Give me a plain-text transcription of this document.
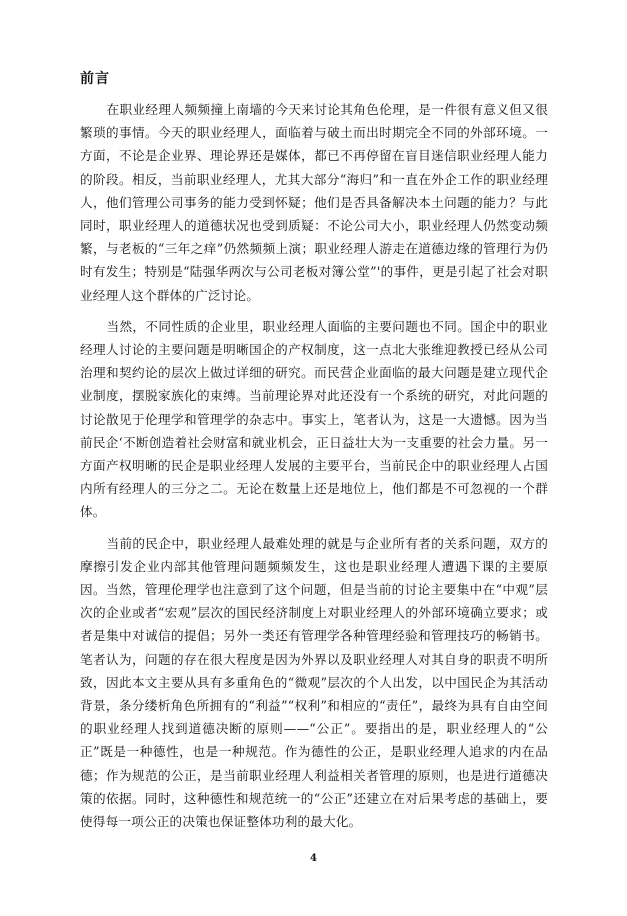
前言

在职业经理人频频撞上南墙的今天来讨论其角色伦理，是一件很有意义但又很繁琐的事情。今天的职业经理人，面临着与破土而出时期完全不同的外部环境。一方面，不论是企业界、理论界还是媒体，都已不再停留在盲目迷信职业经理人能力的阶段。相反，当前职业经理人，尤其大部分“海归”和一直在外企工作的职业经理人，他们管理公司事务的能力受到怀疑；他们是否具备解决本土问题的能力？与此同时，职业经理人的道德状况也受到质疑：不论公司大小，职业经理人仍然变动频繁，与老板的“三年之痒”仍然频频上演；职业经理人游走在道德边缘的管理行为仍时有发生；特别是“陆强华两次与公司老板对簿公堂”'的事件，更是引起了社会对职业经理人这个群体的广泛讨论。

当然，不同性质的企业里，职业经理人面临的主要问题也不同。国企中的职业经理人讨论的主要问题是明晰国企的产权制度，这一点北大张维迎教授已经从公司治理和契约论的层次上做过详细的研究。而民营企业面临的最大问题是建立现代企业制度，摆脱家族化的束缚。当前理论界对此还没有一个系统的研究，对此问题的讨论散见于伦理学和管理学的杂志中。事实上，笔者认为，这是一大遗憾。因为当前民企‘不断创造着社会财富和就业机会，正日益壮大为一支重要的社会力量。另一方面产权明晰的民企是职业经理人发展的主要平台，当前民企中的职业经理人占国内所有经理人的三分之二。无论在数量上还是地位上，他们都是不可忽视的一个群体。

当前的民企中，职业经理人最难处理的就是与企业所有者的关系问题，双方的摩擦引发企业内部其他管理问题频频发生，这也是职业经理人遭遇下课的主要原因。当然，管理伦理学也注意到了这个问题，但是当前的讨论主要集中在“中观”层次的企业或者“宏观”层次的国民经济制度上对职业经理人的外部环境确立要求；或者是集中对诚信的提倡；另外一类还有管理学各种管理经验和管理技巧的畅销书。笔者认为，问题的存在很大程度是因为外界以及职业经理人对其自身的职责不明所致，因此本文主要从具有多重角色的“微观”层次的个人出发，以中国民企为其活动背景，条分缕析角色所拥有的“利益”“权利”和相应的“责任”，最终为具有自由空间的职业经理人找到道德决断的原则——“公正”。要指出的是，职业经理人的“公正”既是一种德性，也是一种规范。作为德性的公正，是职业经理人追求的内在品德；作为规范的公正，是当前职业经理人利益相关者管理的原则，也是进行道德决策的依据。同时，这种德性和规范统一的“公正”还建立在对后果考虑的基础上，要使得每一项公正的决策也保证整体功利的最大化。

4
